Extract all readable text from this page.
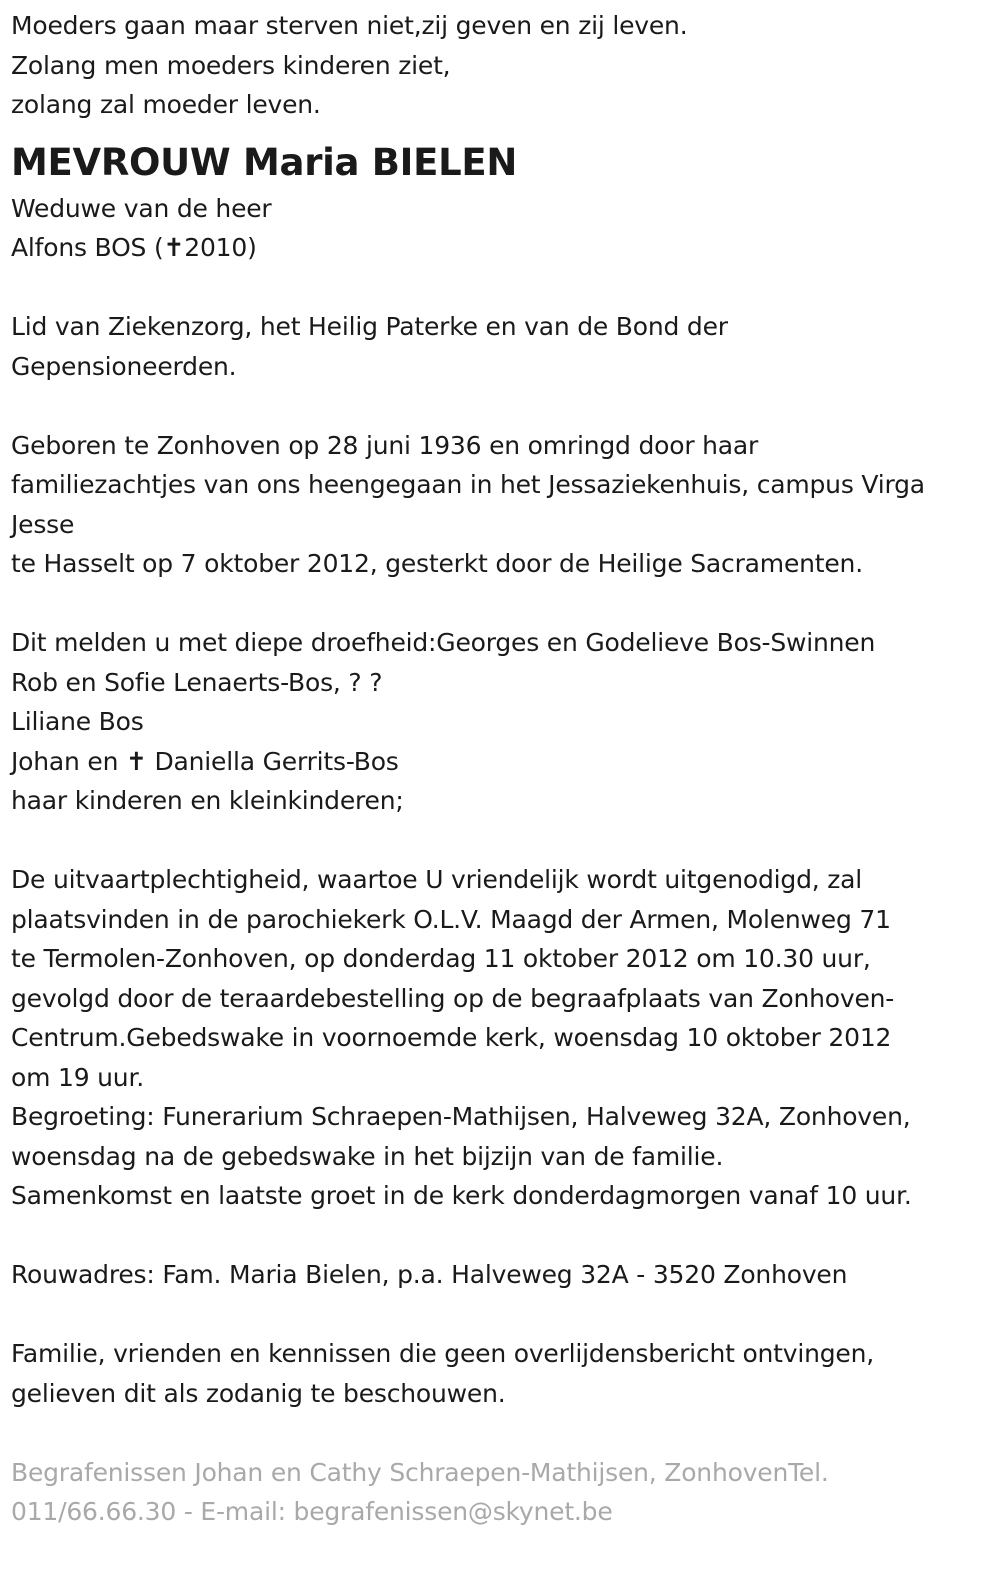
Moeders gaan maar sterven niet,zij geven en zij leven.
Zolang men moeders kinderen ziet,
zolang zal moeder leven.
MEVROUW Maria BIELEN
Weduwe van de heer
Alfons BOS (✝2010)
Lid van Ziekenzorg, het Heilig Paterke en van de Bond der
Gepensioneerden.
Geboren te Zonhoven op 28 juni 1936 en omringd door haar
familiezachtjes van ons heengegaan in het Jessaziekenhuis, campus Virga
Jesse
te Hasselt op 7 oktober 2012, gesterkt door de Heilige Sacramenten.
Dit melden u met diepe droefheid:Georges en Godelieve Bos-Swinnen
Rob en Sofie Lenaerts-Bos, ? ?
Liliane Bos
Johan en ✝ Daniella Gerrits-Bos
haar kinderen en kleinkinderen;
De uitvaartplechtigheid, waartoe U vriendelijk wordt uitgenodigd, zal
plaatsvinden in de parochiekerk O.L.V. Maagd der Armen, Molenweg 71
te Termolen-Zonhoven, op donderdag 11 oktober 2012 om 10.30 uur,
gevolgd door de teraardebestelling op de begraafplaats van Zonhoven-
Centrum.Gebedswake in voornoemde kerk, woensdag 10 oktober 2012
om 19 uur.
Begroeting: Funerarium Schraepen-Mathijsen, Halveweg 32A, Zonhoven,
woensdag na de gebedswake in het bijzijn van de familie.
Samenkomst en laatste groet in de kerk donderdagmorgen vanaf 10 uur.
Rouwadres: Fam. Maria Bielen, p.a. Halveweg 32A - 3520 Zonhoven
Familie, vrienden en kennissen die geen overlijdensbericht ontvingen,
gelieven dit als zodanig te beschouwen.
Begrafenissen Johan en Cathy Schraepen-Mathijsen, ZonhovenTel.
011/66.66.30 - E-mail: begrafenissen@skynet.be
